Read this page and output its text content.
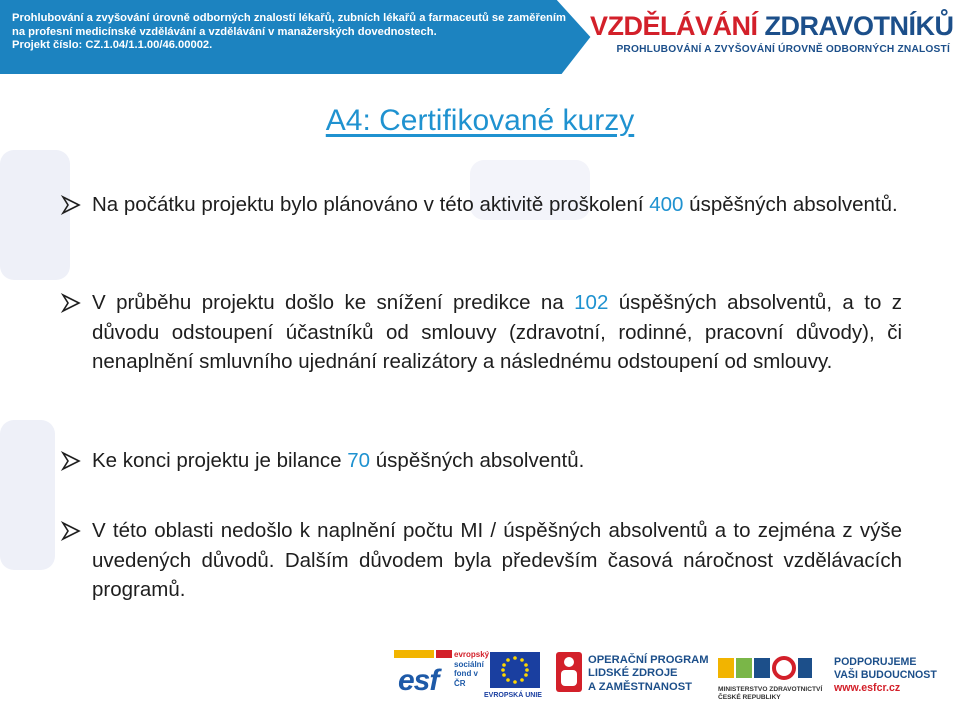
Prohlubování a zvyšování úrovně odborných znalostí lékařů, zubních lékařů a farmaceutů se zaměřením
na profesní medicínské vzdělávání a vzdělávání v manažerských dovednostech.
Projekt číslo: CZ.1.04/1.1.00/46.00002.
VZDĚLÁVÁNÍ ZDRAVOTNÍKŮ
PROHLUBOVÁNÍ A ZVYŠOVÁNÍ ÚROVNĚ ODBORNÝCH ZNALOSTÍ
A4: Certifikované kurzy
Na počátku projektu bylo plánováno v této aktivitě proškolení 400 úspěšných absolventů.
V průběhu projektu došlo ke snížení predikce na 102 úspěšných absolventů, a to z důvodu odstoupení účastníků od smlouvy (zdravotní, rodinné, pracovní důvody), či nenaplnění smluvního ujednání realizátory a následnému odstoupení od smlouvy.
Ke konci projektu je bilance 70 úspěšných absolventů.
V této oblasti nedošlo k naplnění počtu MI / úspěšných absolventů a to zejména z výše uvedených důvodů. Dalším důvodem byla především časová náročnost vzdělávacích programů.
esf
evropský
sociální
fond v ČR
EVROPSKÁ UNIE
OPERAČNÍ PROGRAM
LIDSKÉ ZDROJE
A ZAMĚSTNANOST	MINISTERSTVO ZDRAVOTNICTVÍ
ČESKÉ REPUBLIKY
PODPORUJEME
VAŠI BUDOUCNOST
www.esfcr.cz
